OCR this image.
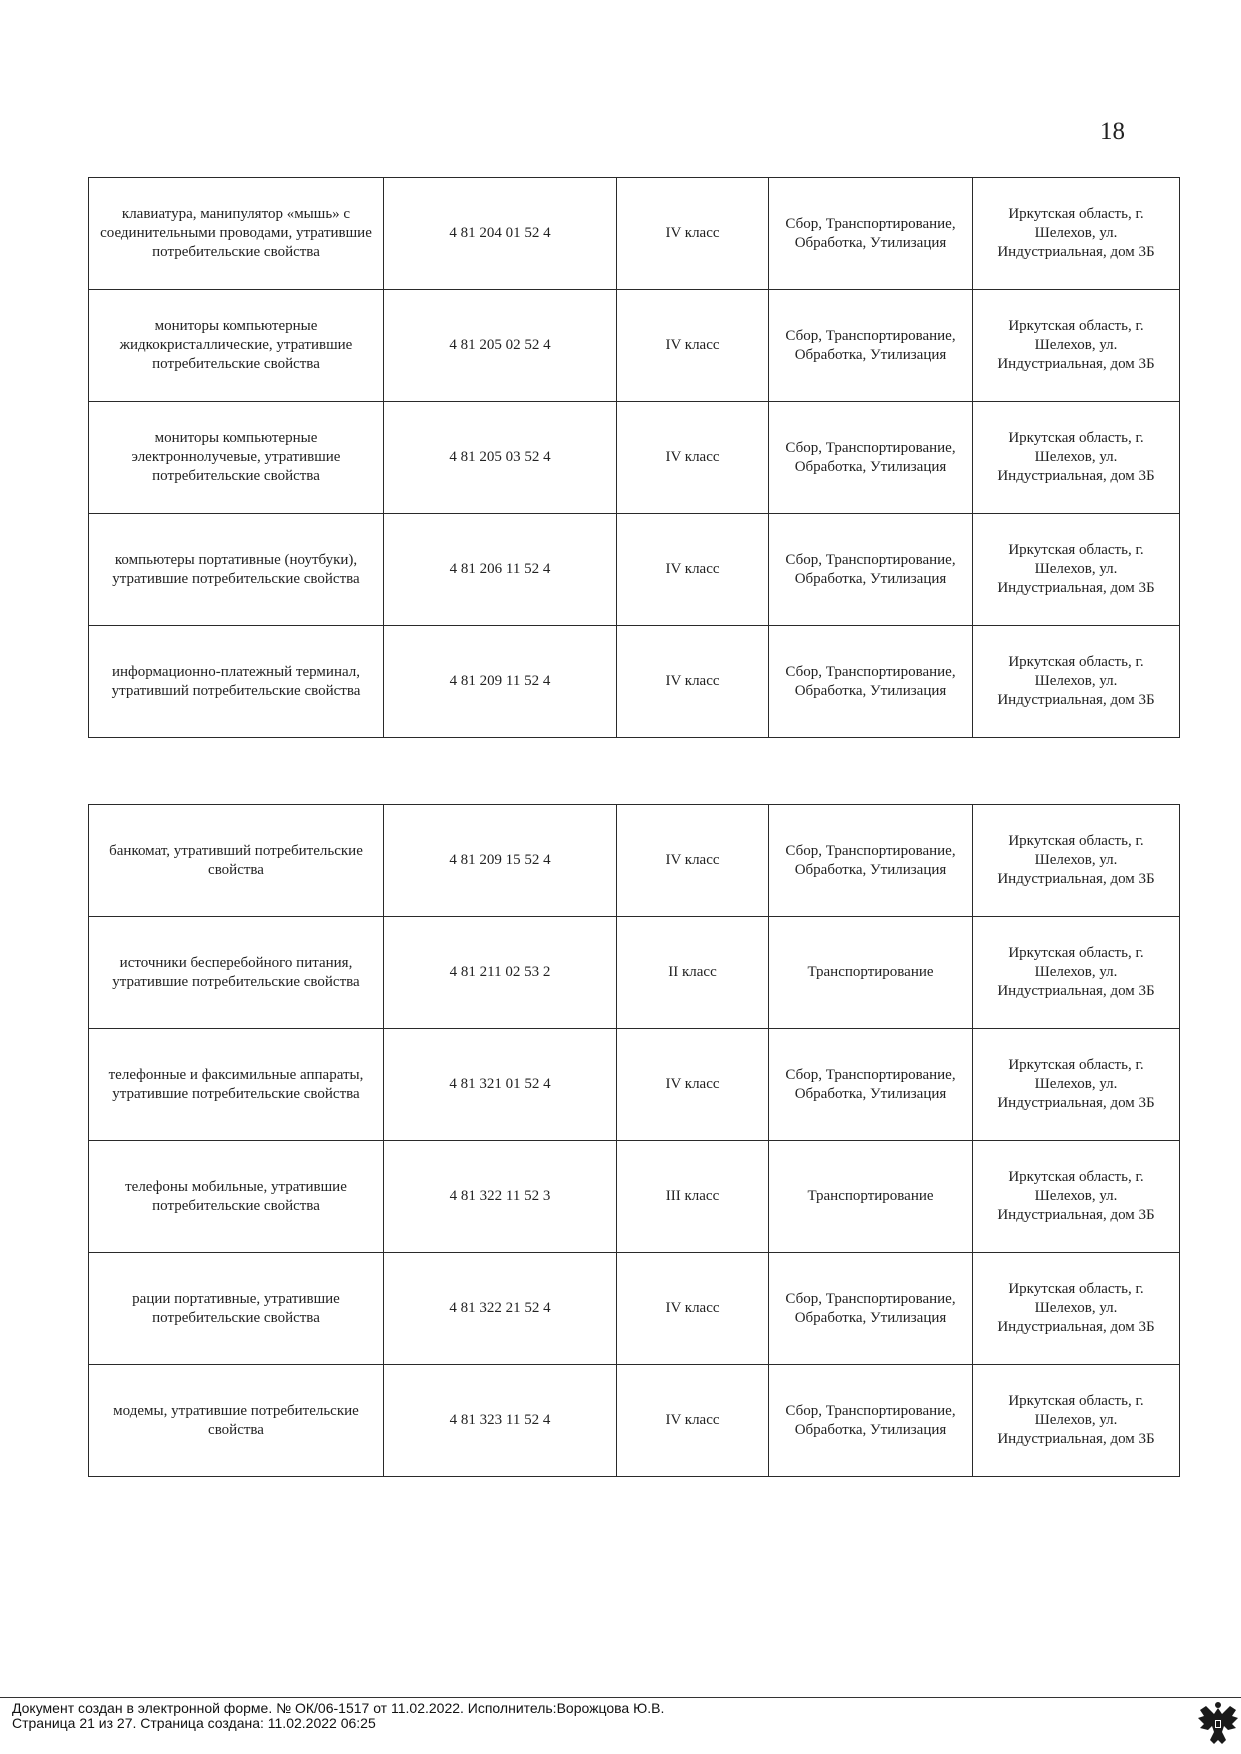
18
клавиатура, манипулятор «мышь» с соединительными проводами, утратившие потребительские свойства	4 81 204 01 52 4	IV класс	Сбор, Транспортирование, Обработка, Утилизация	Иркутская область, г. Шелехов, ул. Индустриальная, дом 3Б
мониторы компьютерные жидкокристаллические, утратившие потребительские свойства	4 81 205 02 52 4	IV класс	Сбор, Транспортирование, Обработка, Утилизация	Иркутская область, г. Шелехов, ул. Индустриальная, дом 3Б
мониторы компьютерные электроннолучевые, утратившие потребительские свойства	4 81 205 03 52 4	IV класс	Сбор, Транспортирование, Обработка, Утилизация	Иркутская область, г. Шелехов, ул. Индустриальная, дом 3Б
компьютеры портативные (ноутбуки), утратившие потребительские свойства	4 81 206 11 52 4	IV класс	Сбор, Транспортирование, Обработка, Утилизация	Иркутская область, г. Шелехов, ул. Индустриальная, дом 3Б
информационно-платежный терминал, утративший потребительские свойства	4 81 209 11 52 4	IV класс	Сбор, Транспортирование, Обработка, Утилизация	Иркутская область, г. Шелехов, ул. Индустриальная, дом 3Б
банкомат, утративший потребительские свойства	4 81 209 15 52 4	IV класс	Сбор, Транспортирование, Обработка, Утилизация	Иркутская область, г. Шелехов, ул. Индустриальная, дом 3Б
источники бесперебойного питания, утратившие потребительские свойства	4 81 211 02 53 2	II класс	Транспортирование	Иркутская область, г. Шелехов, ул. Индустриальная, дом 3Б
телефонные и факсимильные аппараты, утратившие потребительские свойства	4 81 321 01 52 4	IV класс	Сбор, Транспортирование, Обработка, Утилизация	Иркутская область, г. Шелехов, ул. Индустриальная, дом 3Б
телефоны мобильные, утратившие потребительские свойства	4 81 322 11 52 3	III класс	Транспортирование	Иркутская область, г. Шелехов, ул. Индустриальная, дом 3Б
рации портативные, утратившие потребительские свойства	4 81 322 21 52 4	IV класс	Сбор, Транспортирование, Обработка, Утилизация	Иркутская область, г. Шелехов, ул. Индустриальная, дом 3Б
модемы, утратившие потребительские свойства	4 81 323 11 52 4	IV класс	Сбор, Транспортирование, Обработка, Утилизация	Иркутская область, г. Шелехов, ул. Индустриальная, дом 3Б
Документ создан в электронной форме. № ОК/06-1517 от 11.02.2022. Исполнитель:Ворожцова Ю.В.
Страница 21 из 27. Страница создана: 11.02.2022 06:25
